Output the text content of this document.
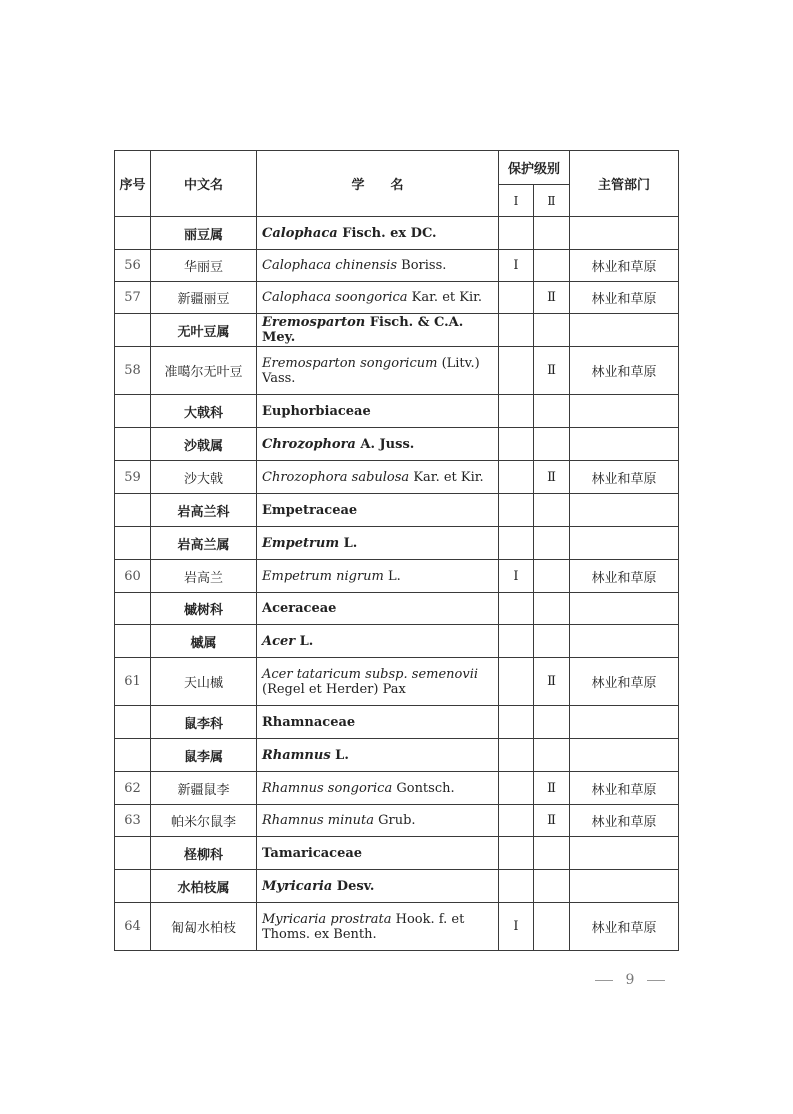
序号	中文名	学　　名	保护级别		主管部门
			Ⅰ	Ⅱ	
	丽豆属	Calophaca Fisch. ex DC.			
56	华丽豆	Calophaca chinensis Boriss.	Ⅰ		林业和草原
57	新疆丽豆	Calophaca soongorica Kar. et Kir.		Ⅱ	林业和草原
	无叶豆属	Eremosparton Fisch. & C.A. Mey.			
58	准噶尔无叶豆	Eremosparton songoricum (Litv.) Vass.		Ⅱ	林业和草原
	大戟科	Euphorbiaceae			
	沙戟属	Chrozophora A. Juss.			
59	沙大戟	Chrozophora sabulosa Kar. et Kir.		Ⅱ	林业和草原
	岩高兰科	Empetraceae			
	岩高兰属	Empetrum L.			
60	岩高兰	Empetrum nigrum L.	Ⅰ		林业和草原
	槭树科	Aceraceae			
	槭属	Acer L.			
61	天山槭	Acer tataricum subsp. semenovii (Regel et Herder) Pax		Ⅱ	林业和草原
	鼠李科	Rhamnaceae			
	鼠李属	Rhamnus L.			
62	新疆鼠李	Rhamnus songorica Gontsch.		Ⅱ	林业和草原
63	帕米尔鼠李	Rhamnus minuta Grub.		Ⅱ	林业和草原
	柽柳科	Tamaricaceae			
	水柏枝属	Myricaria Desv.			
64	匍匐水柏枝	Myricaria prostrata Hook. f. et Thoms. ex Benth.	Ⅰ		林业和草原
9
